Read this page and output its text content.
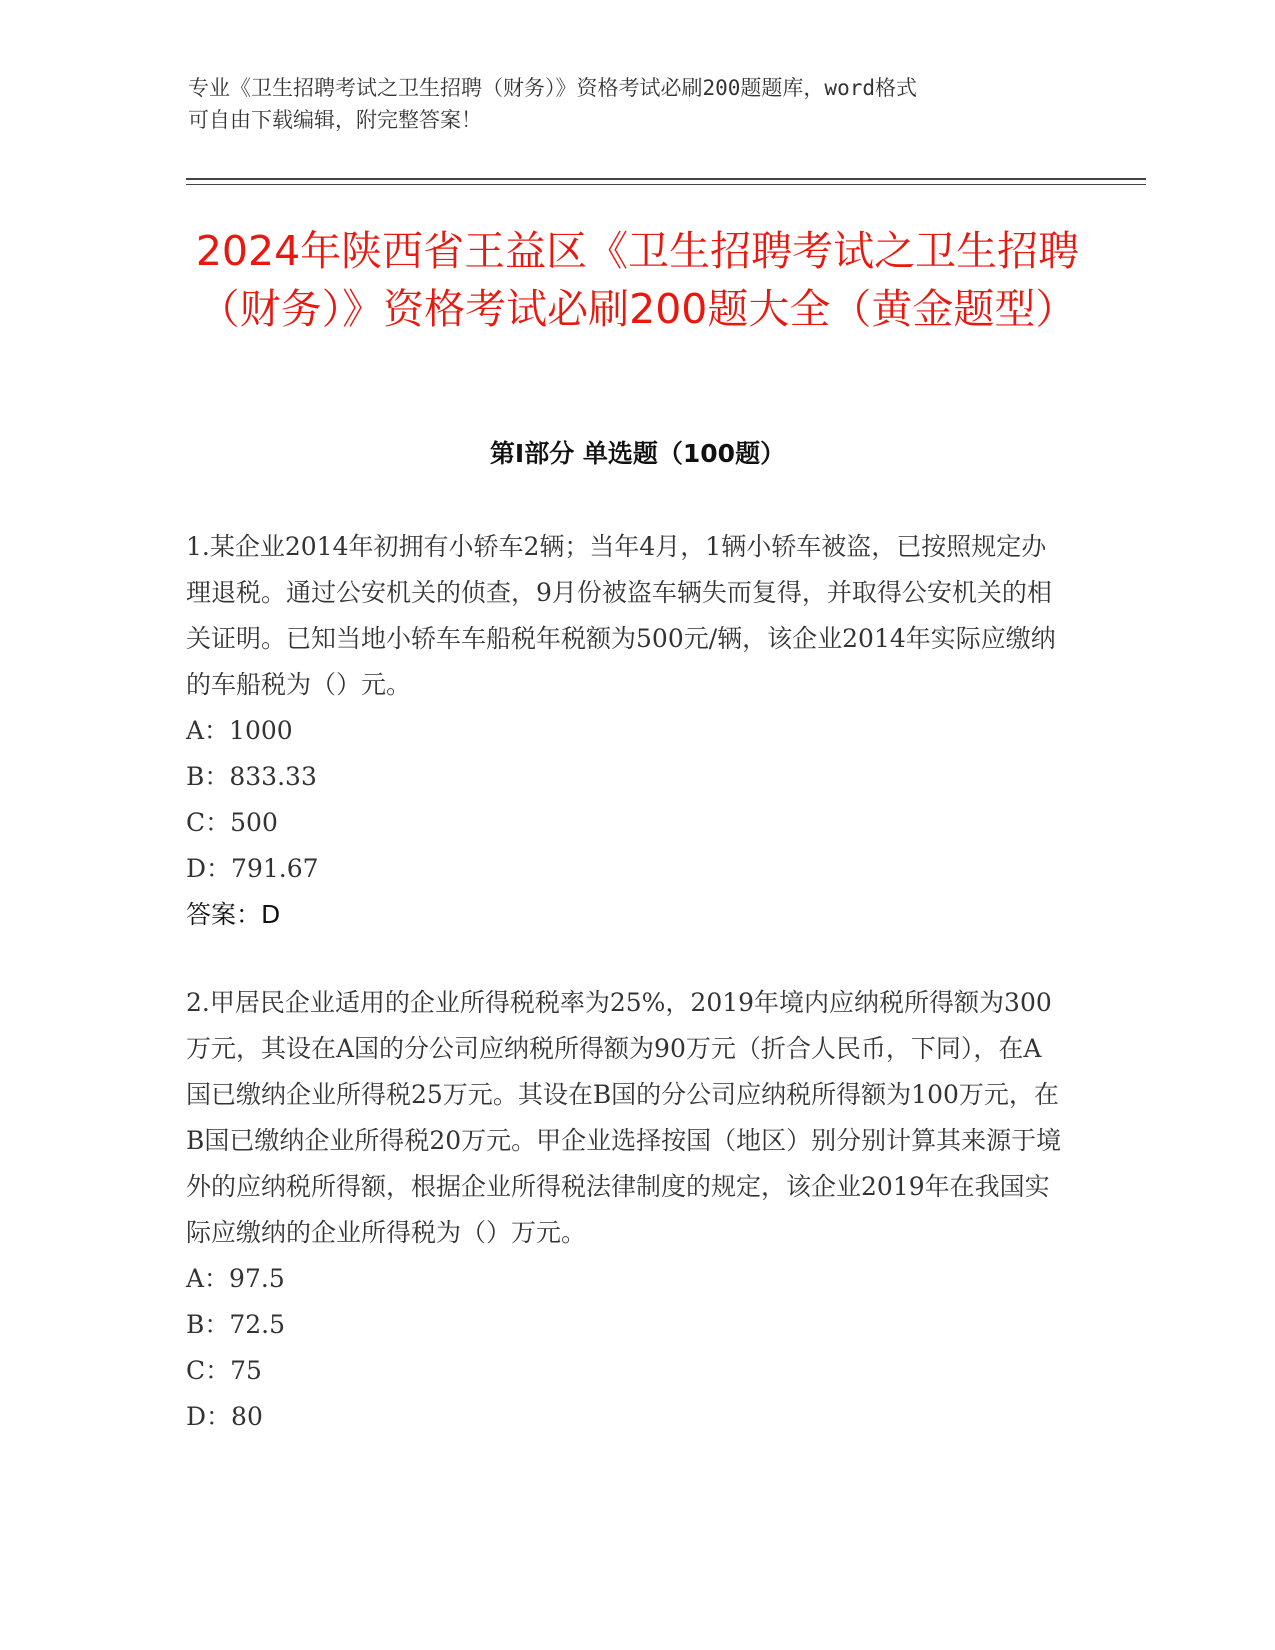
专业《卫生招聘考试之卫生招聘（财务）》资格考试必刷200题题库，word格式
可自由下载编辑，附完整答案！
2024年陕西省王益区《卫生招聘考试之卫生招聘（财务）》资格考试必刷200题大全（黄金题型）
第Ⅰ部分 单选题（100题）

1.某企业2014年初拥有小轿车2辆；当年4月，1辆小轿车被盗，已按照规定办理退税。通过公安机关的侦查，9月份被盗车辆失而复得，并取得公安机关的相关证明。已知当地小轿车车船税年税额为500元/辆，该企业2014年实际应缴纳的车船税为（）元。

A：1000

B：833.33

C：500

D：791.67

答案：D

2.甲居民企业适用的企业所得税税率为25%，2019年境内应纳税所得额为300万元，其设在A国的分公司应纳税所得额为90万元（折合人民币，下同），在A国已缴纳企业所得税25万元。其设在B国的分公司应纳税所得额为100万元，在B国已缴纳企业所得税20万元。甲企业选择按国（地区）别分别计算其来源于境外的应纳税所得额，根据企业所得税法律制度的规定，该企业2019年在我国实际应缴纳的企业所得税为（）万元。

A：97.5

B：72.5

C：75

D：80
